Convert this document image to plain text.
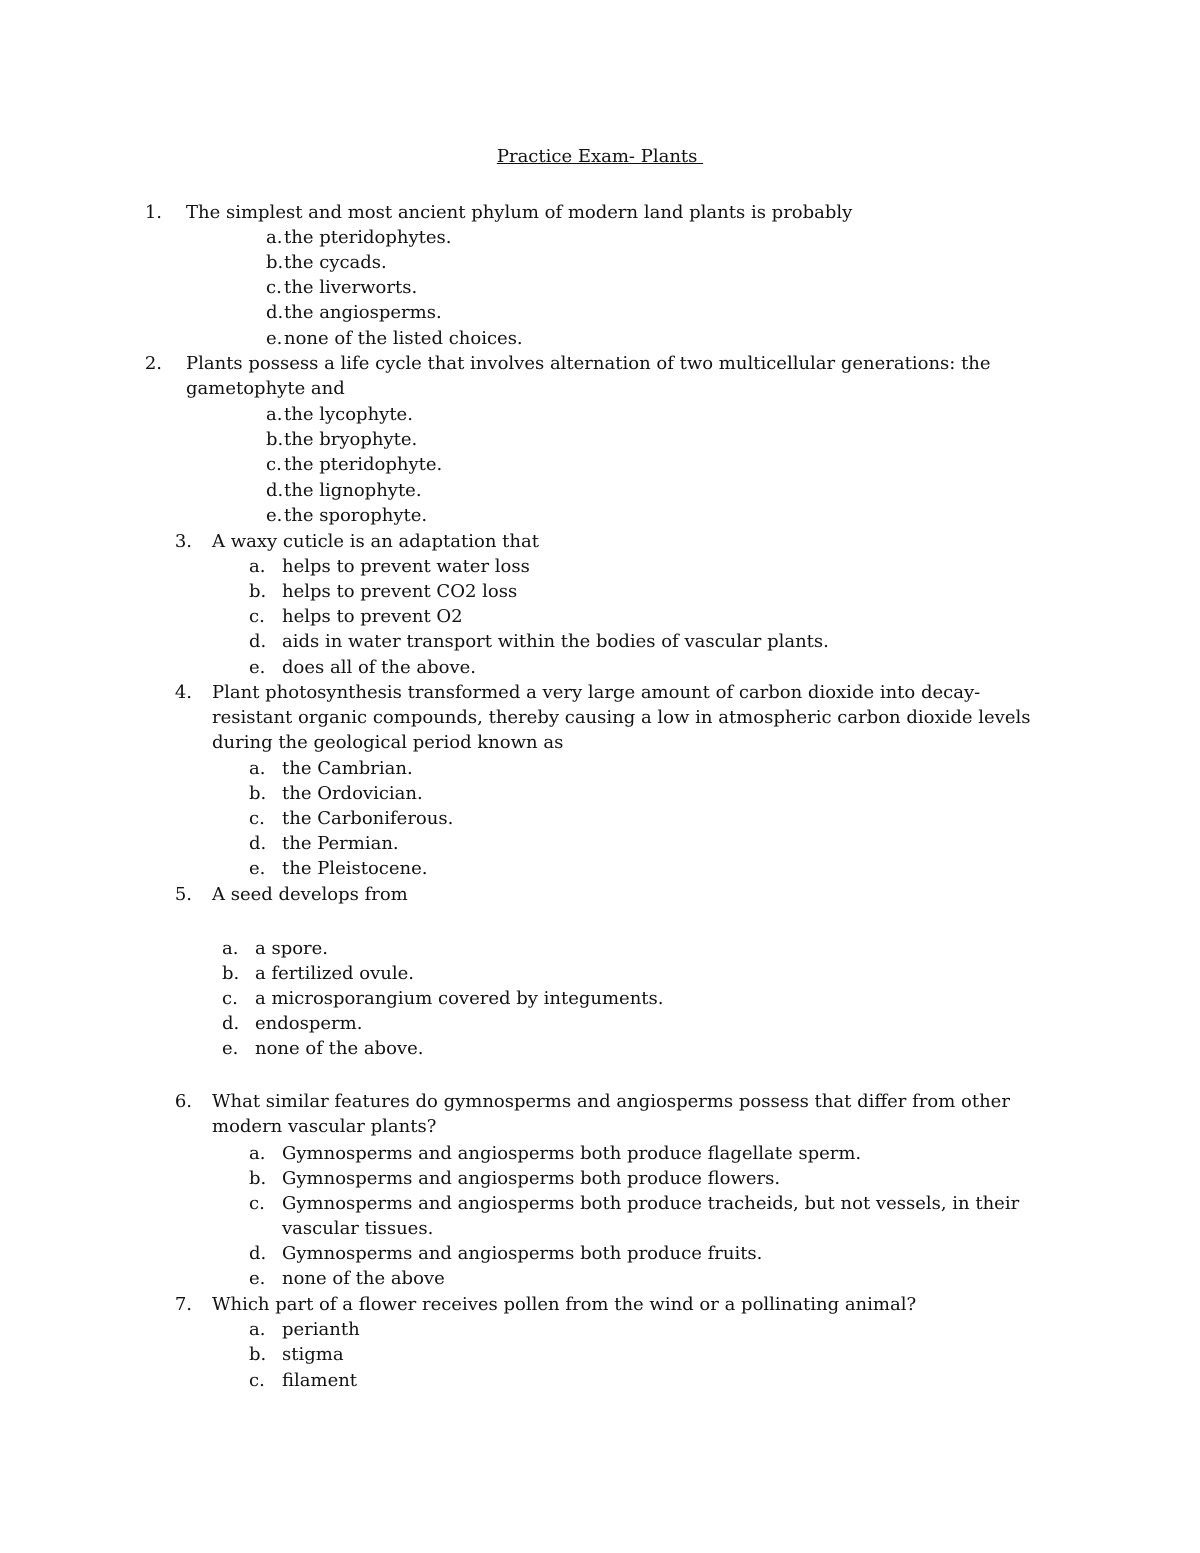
Practice Exam- Plants
1. The simplest and most ancient phylum of modern land plants is probably
a. the pteridophytes.
b. the cycads.
c. the liverworts.
d. the angiosperms.
e. none of the listed choices.
2. Plants possess a life cycle that involves alternation of two multicellular generations: the
gametophyte and
a. the lycophyte.
b. the bryophyte.
c. the pteridophyte.
d. the lignophyte.
e. the sporophyte.
3. A waxy cuticle is an adaptation that
a. helps to prevent water loss
b. helps to prevent CO2 loss
c. helps to prevent O2
d. aids in water transport within the bodies of vascular plants.
e. does all of the above.
4. Plant photosynthesis transformed a very large amount of carbon dioxide into decay-
resistant organic compounds, thereby causing a low in atmospheric carbon dioxide levels
during the geological period known as
a. the Cambrian.
b. the Ordovician.
c. the Carboniferous.
d. the Permian.
e. the Pleistocene.
5. A seed develops from
a. a spore.
b. a fertilized ovule.
c. a microsporangium covered by integuments.
d. endosperm.
e. none of the above.
6. What similar features do gymnosperms and angiosperms possess that differ from other
modern vascular plants?
a. Gymnosperms and angiosperms both produce flagellate sperm.
b. Gymnosperms and angiosperms both produce flowers.
c. Gymnosperms and angiosperms both produce tracheids, but not vessels, in their
vascular tissues.
d. Gymnosperms and angiosperms both produce fruits.
e. none of the above
7. Which part of a flower receives pollen from the wind or a pollinating animal?
a. perianth
b. stigma
c. filament
